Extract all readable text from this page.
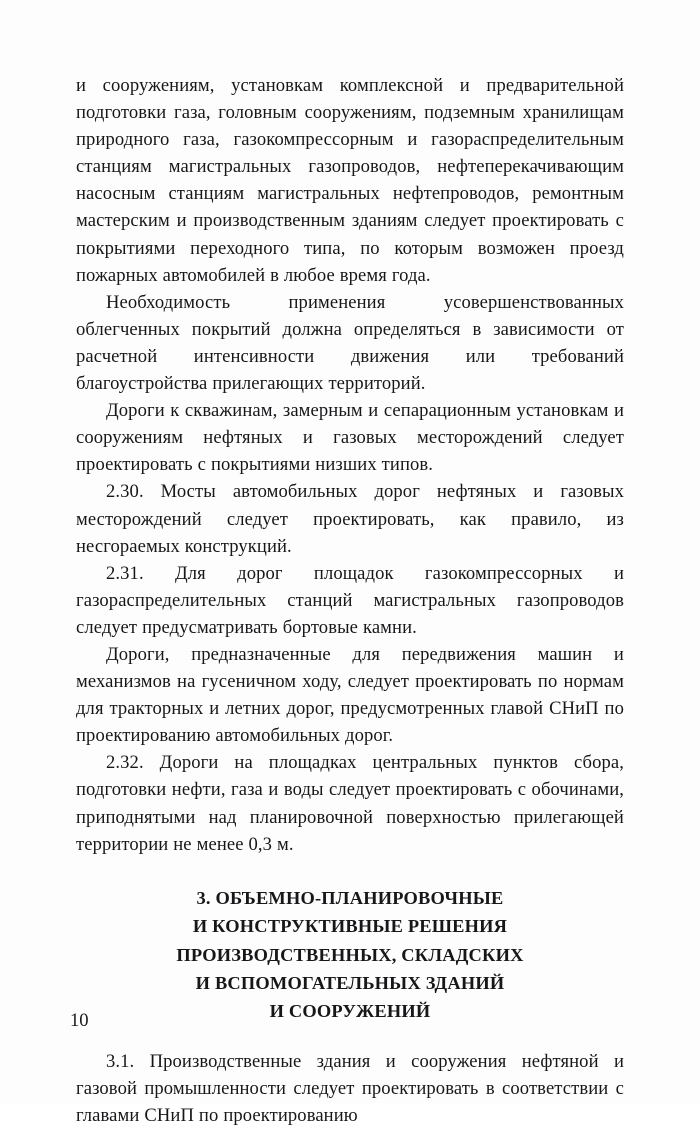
и сооружениям, установкам комплексной и предварительной подготовки газа, головным сооружениям, подземным хранилищам природного газа, газокомпрессорным и газораспределительным станциям магистральных газопроводов, нефтеперекачивающим насосным станциям магистральных нефтепроводов, ремонтным мастерским и производственным зданиям следует проектировать с покрытиями переходного типа, по которым возможен проезд пожарных автомобилей в любое время года.

Необходимость применения усовершенствованных облегченных покрытий должна определяться в зависимости от расчетной интенсивности движения или требований благоустройства прилегающих территорий.

Дороги к скважинам, замерным и сепарационным установкам и сооружениям нефтяных и газовых месторождений следует проектировать с покрытиями низших типов.

2.30. Мосты автомобильных дорог нефтяных и газовых месторождений следует проектировать, как правило, из несгораемых конструкций.

2.31. Для дорог площадок газокомпрессорных и газораспределительных станций магистральных газопроводов следует предусматривать бортовые камни.

Дороги, предназначенные для передвижения машин и механизмов на гусеничном ходу, следует проектировать по нормам для тракторных и летних дорог, предусмотренных главой СНиП по проектированию автомобильных дорог.

2.32. Дороги на площадках центральных пунктов сбора, подготовки нефти, газа и воды следует проектировать с обочинами, приподнятыми над планировочной поверхностью прилегающей территории не менее 0,3 м.

3. ОБЪЕМНО-ПЛАНИРОВОЧНЫЕ
И КОНСТРУКТИВНЫЕ РЕШЕНИЯ
ПРОИЗВОДСТВЕННЫХ, СКЛАДСКИХ
И ВСПОМОГАТЕЛЬНЫХ ЗДАНИЙ
И СООРУЖЕНИЙ

3.1. Производственные здания и сооружения нефтяной и газовой промышленности следует проектировать в соответствии с главами СНиП по проектированию

10
